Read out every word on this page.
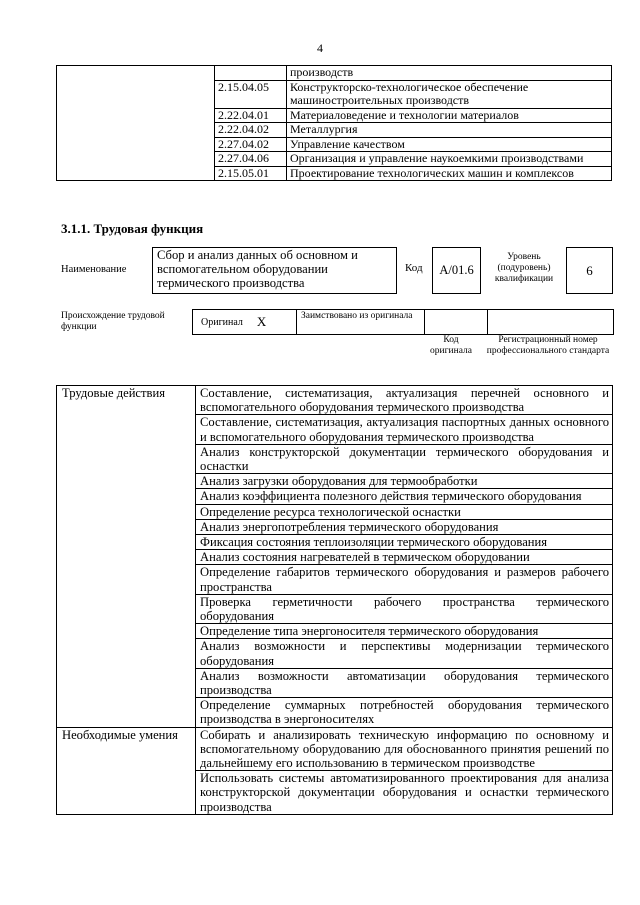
4
		производств
	2.15.04.05	Конструкторско-технологическое обеспечение машиностроительных производств
	2.22.04.01	Материаловедение и технологии материалов
	2.22.04.02	Металлургия
	2.27.04.02	Управление качеством
	2.27.04.06	Организация и управление наукоемкими производствами
	2.15.05.01	Проектирование технологических машин и комплексов
3.1.1. Трудовая функция
Наименование
Сбор и анализ данных об основном и вспомогательном оборудовании термического производства
Код A/01.6
Уровень (подуровень) квалификации
6
Происхождение трудовой функции	Оригинал X	Заимствовано из оригинала
Код оригинала
Регистрационный номер профессионального стандарта
Трудовые действия	Составление, систематизация, актуализация перечней основного и вспомогательного оборудования термического производства
	Составление, систематизация, актуализация паспортных данных основного и вспомогательного оборудования термического производства
	Анализ конструкторской документации термического оборудования и оснастки
	Анализ загрузки оборудования для термообработки
	Анализ коэффициента полезного действия термического оборудования
	Определение ресурса технологической оснастки
	Анализ энергопотребления термического оборудования
	Фиксация состояния теплоизоляции термического оборудования
	Анализ состояния нагревателей в термическом оборудовании
	Определение габаритов термического оборудования и размеров рабочего пространства
	Проверка герметичности рабочего пространства термического оборудования
	Определение типа энергоносителя термического оборудования
	Анализ возможности и перспективы модернизации термического оборудования
	Анализ возможности автоматизации оборудования термического производства
	Определение суммарных потребностей оборудования термического производства в энергоносителях
Необходимые умения	Собирать и анализировать техническую информацию по основному и вспомогательному оборудованию для обоснованного принятия решений по дальнейшему его использованию в термическом производстве
	Использовать системы автоматизированного проектирования для анализа конструкторской документации оборудования и оснастки термического производства
